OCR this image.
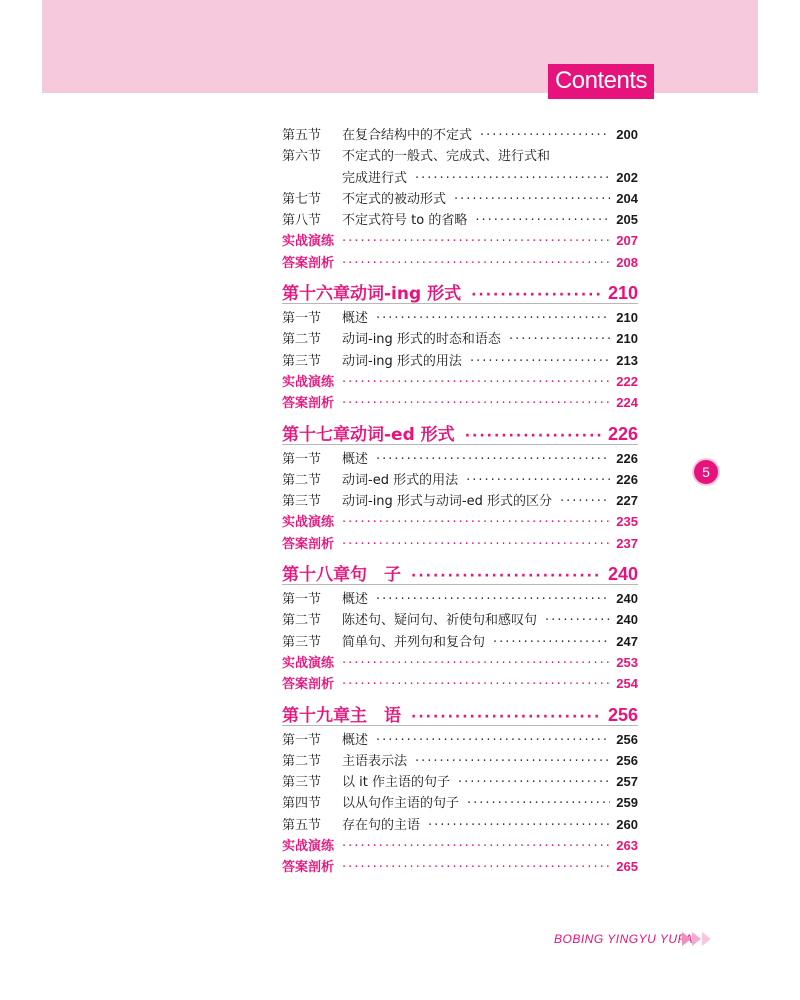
Contents
第五节 在复合结构中的不定式 ·····	200
第六节 不定式的一般式、完成式、进行式和
完成进行式 ·····	202
第七节 不定式的被动形式 ·····	204
第八节 不定式符号 to 的省略 ·····	205
实战演练 ·····	207
答案剖析 ·····	208
第十六章 动词-ing 形式 ·····	210
第一节 概述 ·····	210
第二节 动词-ing 形式的时态和语态 ·····	210
第三节 动词-ing 形式的用法 ·····	213
实战演练 ·····	222
答案剖析 ·····	224
第十七章 动词-ed 形式 ·····	226
第一节 概述 ·····	226
第二节 动词-ed 形式的用法 ·····	226
第三节 动词-ing 形式与动词-ed 形式的区分 ·····	227
实战演练 ·····	235
答案剖析 ·····	237
第十八章 句　子 ·····	240
第一节 概述 ·····	240
第二节 陈述句、疑问句、祈使句和感叹句 ·····	240
第三节 简单句、并列句和复合句 ·····	247
实战演练 ·····	253
答案剖析 ·····	254
第十九章 主　语 ·····	256
第一节 概述 ·····	256
第二节 主语表示法 ·····	256
第三节 以 it 作主语的句子 ·····	257
第四节 以从句作主语的句子 ·····	259
第五节 存在句的主语 ·····	260
实战演练 ·····	263
答案剖析 ·····	265
5
BOBING YINGYU YUFA
